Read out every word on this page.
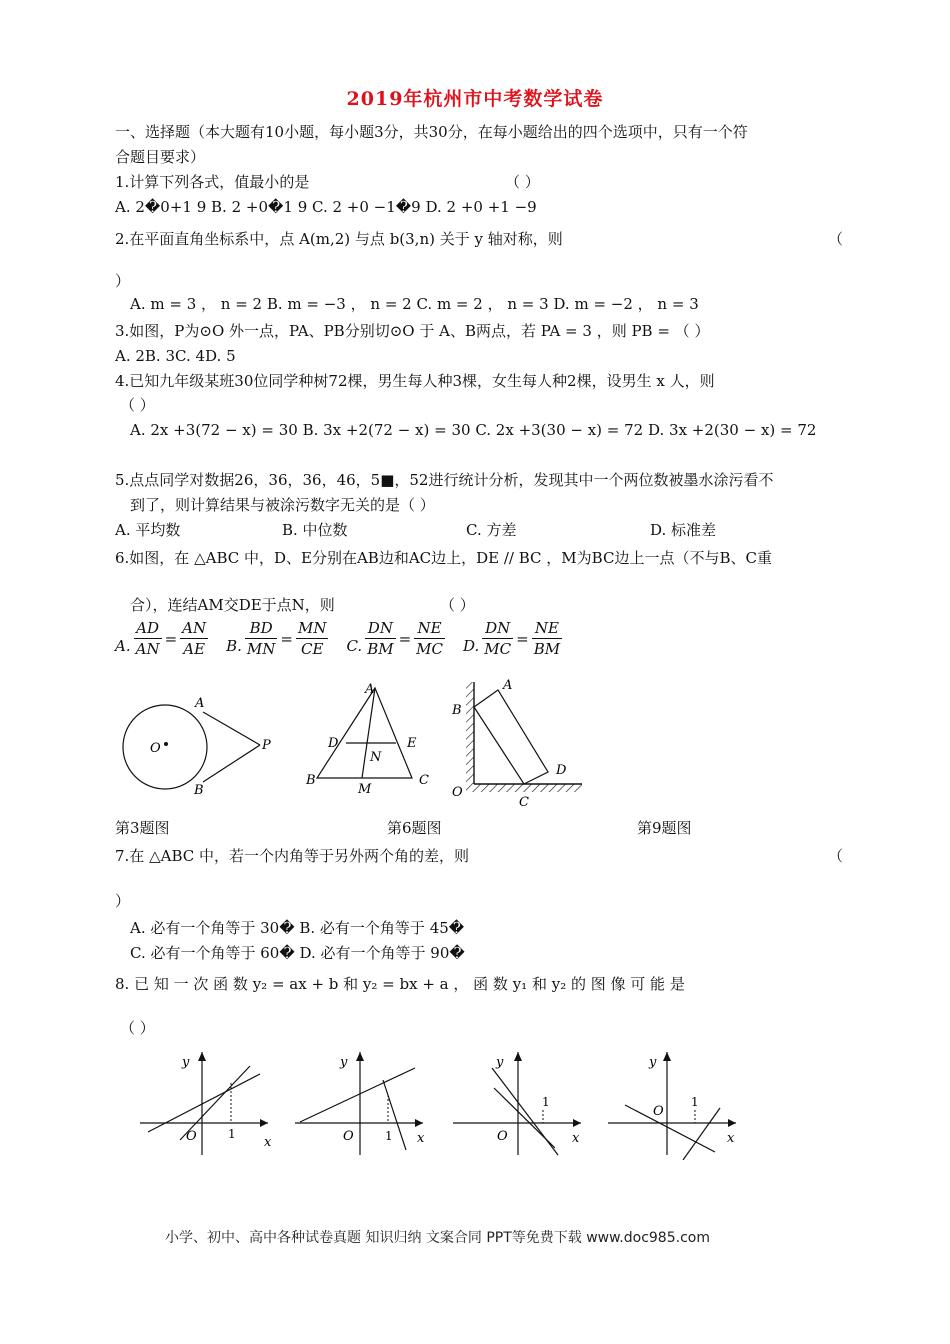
2019年杭州市中考数学试卷
一、选择题（本大题有10小题，每小题3分，共30分，在每小题给出的四个选项中，只有一个符
合题目要求）
1.计算下列各式，值最小的是	（ ）
A. 2�0+1 9 B. 2 +0�1 9 C. 2 +0 −1�9 D. 2 +0 +1 −9
2.在平面直角坐标系中，点 A(m,2) 与点 b(3,n) 关于 y 轴对称，则	（
）
A. m = 3 ， n = 2 B. m = −3 ， n = 2 C. m = 2 ， n = 3 D. m = −2 ， n = 3
3.如图，P为⊙O 外一点，PA、PB分别切⊙O 于 A、B两点，若 PA = 3 ，则 PB = （ ）
A. 2B. 3C. 4D. 5
4.已知九年级某班30位同学种树72棵，男生每人种3棵，女生每人种2棵，设男生 x 人，则
（ ）
A. 2x +3(72 − x) = 30 B. 3x +2(72 − x) = 30 C. 2x +3(30 − x) = 72 D. 3x +2(30 − x) = 72
5.点点同学对数据26，36，36，46，5■，52进行统计分析，发现其中一个两位数被墨水涂污看不
到了，则计算结果与被涂污数字无关的是（ ）
A. 平均数	B. 中位数	C. 方差	D. 标准差
6.如图，在 △ABC 中，D、E分别在AB边和AC边上，DE // BC ，M为BC边上一点（不与B、C重
合），连结AM交DE于点N，则	（ ）
A. $\frac{AD}{AN} = \frac{AN}{AE} B$. $\frac{BD}{MN} = \frac{MN}{CE} C$. $\frac{DN}{BM} = \frac{NE}{MC} D$. $\frac{DN}{MC} = \frac{NE}{BM}$
A
O	P
B
A
D	E
N
B
M
C
A
B
D
O
C
第3题图	第6题图	第9题图
7.在 △ABC 中，若一个内角等于另外两个角的差，则	（
）
A. 必有一个角等于 30� B. 必有一个角等于 45�
C. 必有一个角等于 60� D. 必有一个角等于 90�
8. 已 知 一 次 函 数 y₂ = ax + b 和 y₂ = bx + a ， 函 数 y₁ 和 y₂ 的 图 像 可 能 是
（ ）
y
x
O	1
y
x
O	1
y
x
O
1
y
x
O
1
小学、初中、高中各种试卷真题 知识归纳 文案合同 PPT等免费下载 www.doc985.com
